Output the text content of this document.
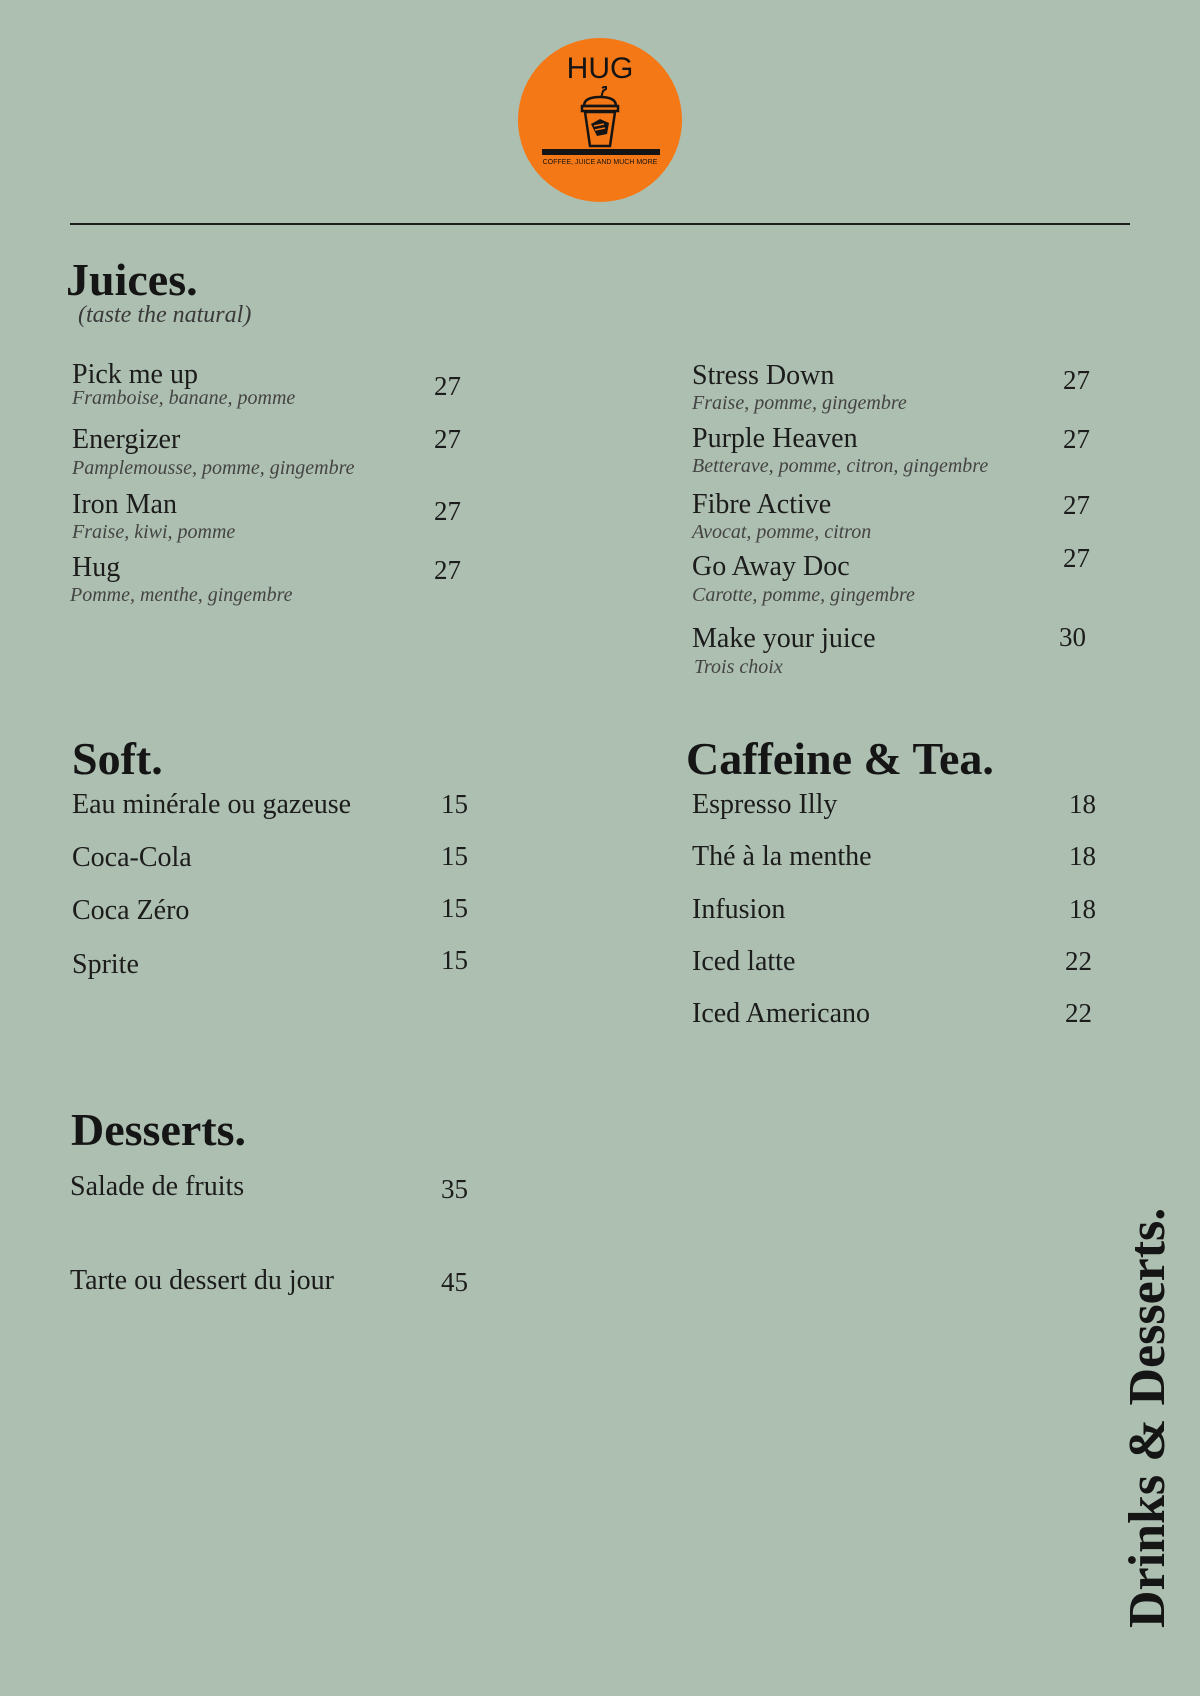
HUG
COFFEE, JUICE AND MUCH MORE
Juices.
(taste the natural)
Pick me up
Framboise, banane, pomme	27
Energizer
Pamplemousse, pomme, gingembre
27
Iron Man
Fraise, kiwi, pomme
27
Hug
Pomme, menthe, gingembre
27
Stress Down
Fraise, pomme, gingembre
27
Purple Heaven
Betterave, pomme, citron, gingembre
27
Fibre Active
Avocat, pomme, citron
27
Go Away Doc
Carotte, pomme, gingembre
27
Make your juice
Trois choix
30
Soft.
Eau minérale ou gazeuse	15
Coca-Cola	15
Coca Zéro	15
Sprite	15
Caffeine & Tea.
Espresso Illy	18
Thé à la menthe	18
Infusion	18
Iced latte	22
Iced Americano	22
Desserts.
Salade de fruits	35
Tarte ou dessert du jour	45	Drinks & Desserts.
